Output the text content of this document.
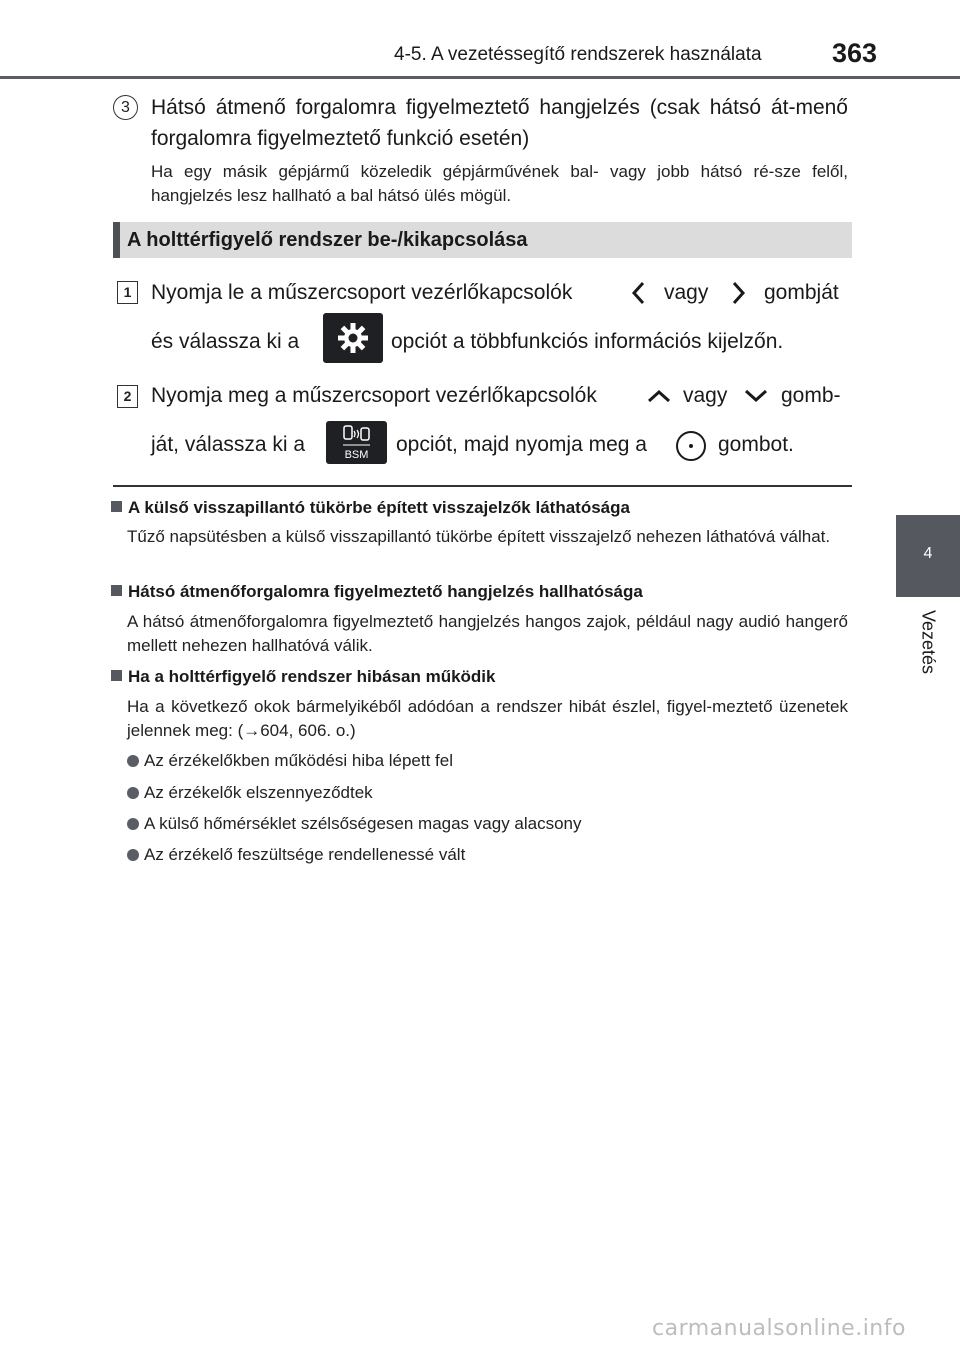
4-5. A vezetéssegítő rendszerek használata	363
4
Vezetés
3	Hátsó átmenő forgalomra figyelmeztető hangjelzés (csak hátsó át-menő forgalomra figyelmeztető funkció esetén)
Ha egy másik gépjármű közeledik gépjárművének bal- vagy jobb hátsó ré-sze felől, hangjelzés lesz hallható a bal hátsó ülés mögül.
A holttérfigyelő rendszer be-/kikapcsolása
1 Nyomja le a műszercsoport vezérlőkapcsolók	vagy	gombját
és válassza ki a	opciót a többfunkciós információs kijelzőn.
2 Nyomja meg a műszercsoport vezérlőkapcsolók	vagy	gomb-
ját, válassza ki a	BSM opciót, majd nyomja meg a	gombot.
A külső visszapillantó tükörbe épített visszajelzők láthatósága
Tűző napsütésben a külső visszapillantó tükörbe épített visszajelző nehezen láthatóvá válhat.
Hátsó átmenőforgalomra figyelmeztető hangjelzés hallhatósága
A hátsó átmenőforgalomra figyelmeztető hangjelzés hangos zajok, például nagy audió hangerő mellett nehezen hallhatóvá válik.
Ha a holttérfigyelő rendszer hibásan működik
Ha a következő okok bármelyikéből adódóan a rendszer hibát észlel, figyel-meztető üzenetek jelennek meg: (→604, 606. o.)
Az érzékelőkben működési hiba lépett fel
Az érzékelők elszennyeződtek
A külső hőmérséklet szélsőségesen magas vagy alacsony
Az érzékelő feszültsége rendellenessé vált
carmanualsonline.info
